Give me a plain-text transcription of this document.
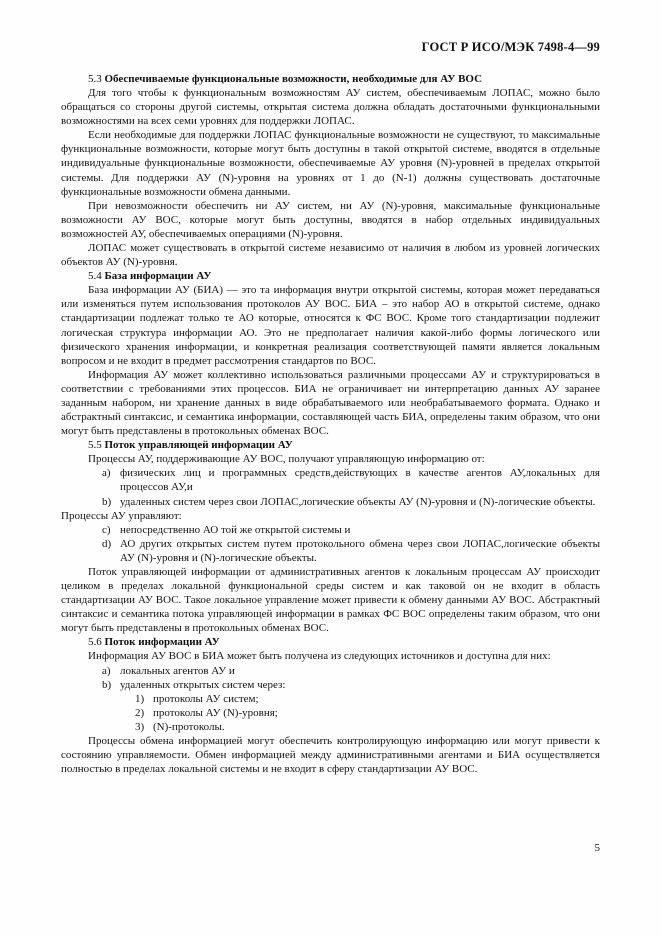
ГОСТ Р ИСО/МЭК 7498-4—99
5.3 Обеспечиваемые функциональные возможности, необходимые для АУ ВОС

Для того чтобы к функциональным возможностям АУ систем, обеспечиваемым ЛОПАС, можно было обращаться со стороны другой системы, открытая система должна обладать достаточными функциональными возможностями на всех семи уровнях для поддержки ЛОПАС.

Если необходимые для поддержки ЛОПАС функциональные возможности не существуют, то максимальные функциональные возможности, которые могут быть доступны в такой открытой системе, вводятся в отдельные индивидуальные функциональные возможности, обеспечиваемые АУ уровня (N)-уровней в пределах открытой системы. Для поддержки АУ (N)-уровня на уровнях от 1 до (N-1) должны существовать достаточные функциональные возможности обмена данными.

При невозможности обеспечить ни АУ систем, ни АУ (N)-уровня, максимальные функциональные возможности АУ ВОС, которые могут быть доступны, вводятся в набор отдельных индивидуальных возможностей АУ, обеспечиваемых операциями (N)-уровня.

ЛОПАС может существовать в открытой системе независимо от наличия в любом из уровней логических объектов АУ (N)-уровня.

5.4 База информации АУ

База информации АУ (БИА) — это та информация внутри открытой системы, которая может передаваться или изменяться путем использования протоколов АУ ВОС. БИА – это набор АО в открытой системе, однако стандартизации подлежат только те АО которые, относятся к ФС ВОС. Кроме того стандартизации подлежит логическая структура информации АО. Это не предполагает наличия какой-либо формы логического или физического хранения информации, и конкретная реализация соответствующей памяти является локальным вопросом и не входит в предмет рассмотрения стандартов по ВОС.

Информация АУ может коллективно использоваться различными процессами АУ и структурироваться в соответствии с требованиями этих процессов. БИА не ограничивает ни интерпретацию данных АУ заранее заданным набором, ни хранение данных в виде обрабатываемого или необрабатываемого формата. Однако и абстрактный синтаксис, и семантика информации, составляющей часть БИА, определены таким образом, что они могут быть представлены в протокольных обменах ВОС.

5.5 Поток управляющей информации АУ

Процессы АУ, поддерживающие АУ ВОС, получают управляющую информацию от:

a) физических лиц и программных средств,действующих в качестве агентов АУ,локальных для процессов АУ,и
b) удаленных систем через свои ЛОПАС,логические объекты АУ (N)-уровня и (N)-логические объекты.

Процессы АУ управляют:

c) непосредственно АО той же открытой системы и
d) АО других открытых систем путем протокольного обмена через свои ЛОПАС,логические объекты АУ (N)-уровня и (N)-логические объекты.

Поток управляющей информации от административных агентов к локальным процессам АУ происходит целиком в пределах локальной функциональной среды систем и как таковой он не входит в область стандартизации АУ ВОС. Такое локальное управление может привести к обмену данными АУ ВОС. Абстрактный синтаксис и семантика потока управляющей информации в рамках ФС ВОС определены таким образом, что они могут быть представлены в протокольных обменах ВОС.

5.6 Поток информации АУ

Информация АУ ВОС в БИА может быть получена из следующих источников и доступна для них:

a) локальных агентов АУ и
b) удаленных открытых систем через:
1) протоколы АУ систем;
2) протоколы АУ (N)-уровня;
3) (N)-протоколы.

Процессы обмена информацией могут обеспечить контролирующую информацию или могут привести к состоянию управляемости. Обмен информацией между административными агентами и БИА осуществляется полностью в пределах локальной системы и не входит в сферу стандартизации АУ ВОС.

5
